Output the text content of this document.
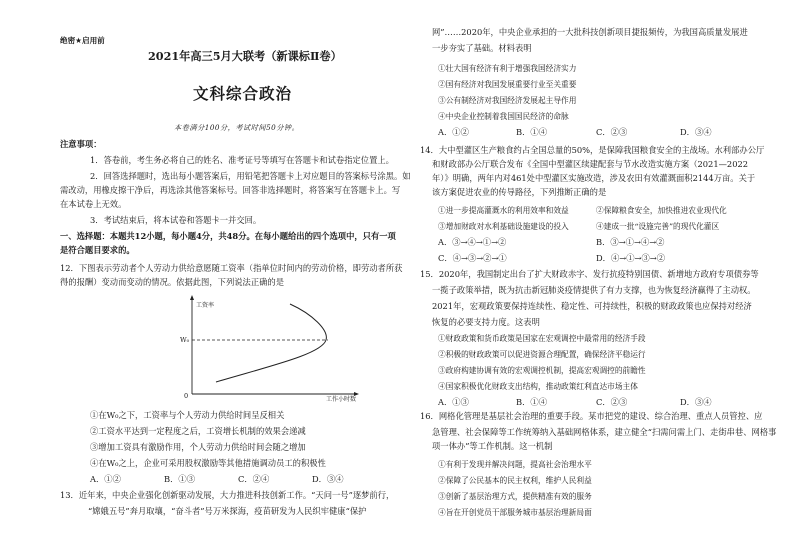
绝密★启用前
2021年高三5月大联考（新课标Ⅱ卷）
文科综合政治
本卷满分100分，考试时间50分钟。
注意事项：
1．答卷前，考生务必将自己的姓名、准考证号等填写在答题卡和试卷指定位置上。
2．回答选择题时，选出每小题答案后，用铅笔把答题卡上对应题目的答案标号涂黑。如
需改动，用橡皮擦干净后，再选涂其他答案标号。回答非选择题时，将答案写在答题卡上。写
在本试卷上无效。
3．考试结束后，将本试卷和答题卡一并交回。
一、选择题：本题共12小题，每小题4分，共48分。在每小题给出的四个选项中，只有一项
是符合题目要求的。
12．下图表示劳动者个人劳动力供给意愿随工资率（指单位时间内的劳动价格，即劳动者所获
得的报酬）变动而变动的情况。依据此图，下列说法正确的是
工资率
W₀
0	工作小时数
①在W₀之下，工资率与个人劳动力供给时间呈反相关
②工资水平达到一定程度之后，工资增长机制的效果会递减
③增加工资具有激励作用，个人劳动力供给时间会随之增加
④在W₀之上，企业可采用股权激励等其他措施调动员工的积极性
A．①②	B．①③	C．②④	D．③④
13．近年来，中央企业强化创新驱动发展，大力推进科技创新工作。“天问一号”逐梦前行，
“嫦娥五号”奔月取壤，“奋斗者”号万米探海，疫苗研发为人民织牢健康“保护
网”……2020年，中央企业承担的一大批科技创新项目捷报频传，为我国高质量发展进
一步夯实了基础。材料表明
①壮大国有经济有利于增强我国经济实力
②国有经济对我国发展重要行业至关重要
③公有制经济对我国经济发展起主导作用
④中央企业控制着我国国民经济的命脉
A．①②	B．①④	C．②③	D．③④
14．大中型灌区生产粮食约占全国总量的50%，是保障我国粮食安全的主战场。水利部办公厅
和财政部办公厅联合发布《全国中型灌区续建配套与节水改造实施方案（2021—2022
年）》明确，两年内对461处中型灌区实施改造，涉及农田有效灌溉面积2144万亩。关于
该方案促进农业的传导路径，下列推断正确的是
①进一步提高灌溉水的利用效率和效益	②保障粮食安全，加快推进农业现代化
③增加财政对水利基础设施建设的投入	④建成一批“设施完善”的现代化灌区
A．③→④→①→②	B．③→①→④→②
C．④→③→②→①	D．④→①→③→②
15．2020年，我国制定出台了扩大财政赤字、发行抗疫特别国债、新增地方政府专项债券等
一揽子政策举措，既为抗击新冠肺炎疫情提供了有力支撑，也为恢复经济赢得了主动权。
2021年，宏观政策要保持连续性、稳定性、可持续性，积极的财政政策也应保持对经济
恢复的必要支持力度。这表明
①财政政策和货币政策是国家在宏观调控中最常用的经济手段
②积极的财政政策可以促进资源合理配置，确保经济平稳运行
③政府构建协调有效的宏观调控机制，提高宏观调控的前瞻性
④国家积极优化财政支出结构，推动政策红利直达市场主体
A．①③	B．①④	C．②③	D．③④
16．网格化管理是基层社会治理的重要手段。某市把党的建设、综合治理、重点人员管控、应
急管理、社会保障等工作统筹纳入基础网格体系，建立健全“扫需问需上门、走街串巷、网格事
项一体办”等工作机制。这一机制
①有利于发现并解决问题，提高社会治理水平
②保障了公民基本的民主权利，维护人民利益
③创新了基层治理方式，提供精准有效的服务
④旨在开创党员干部服务城市基层治理新局面
